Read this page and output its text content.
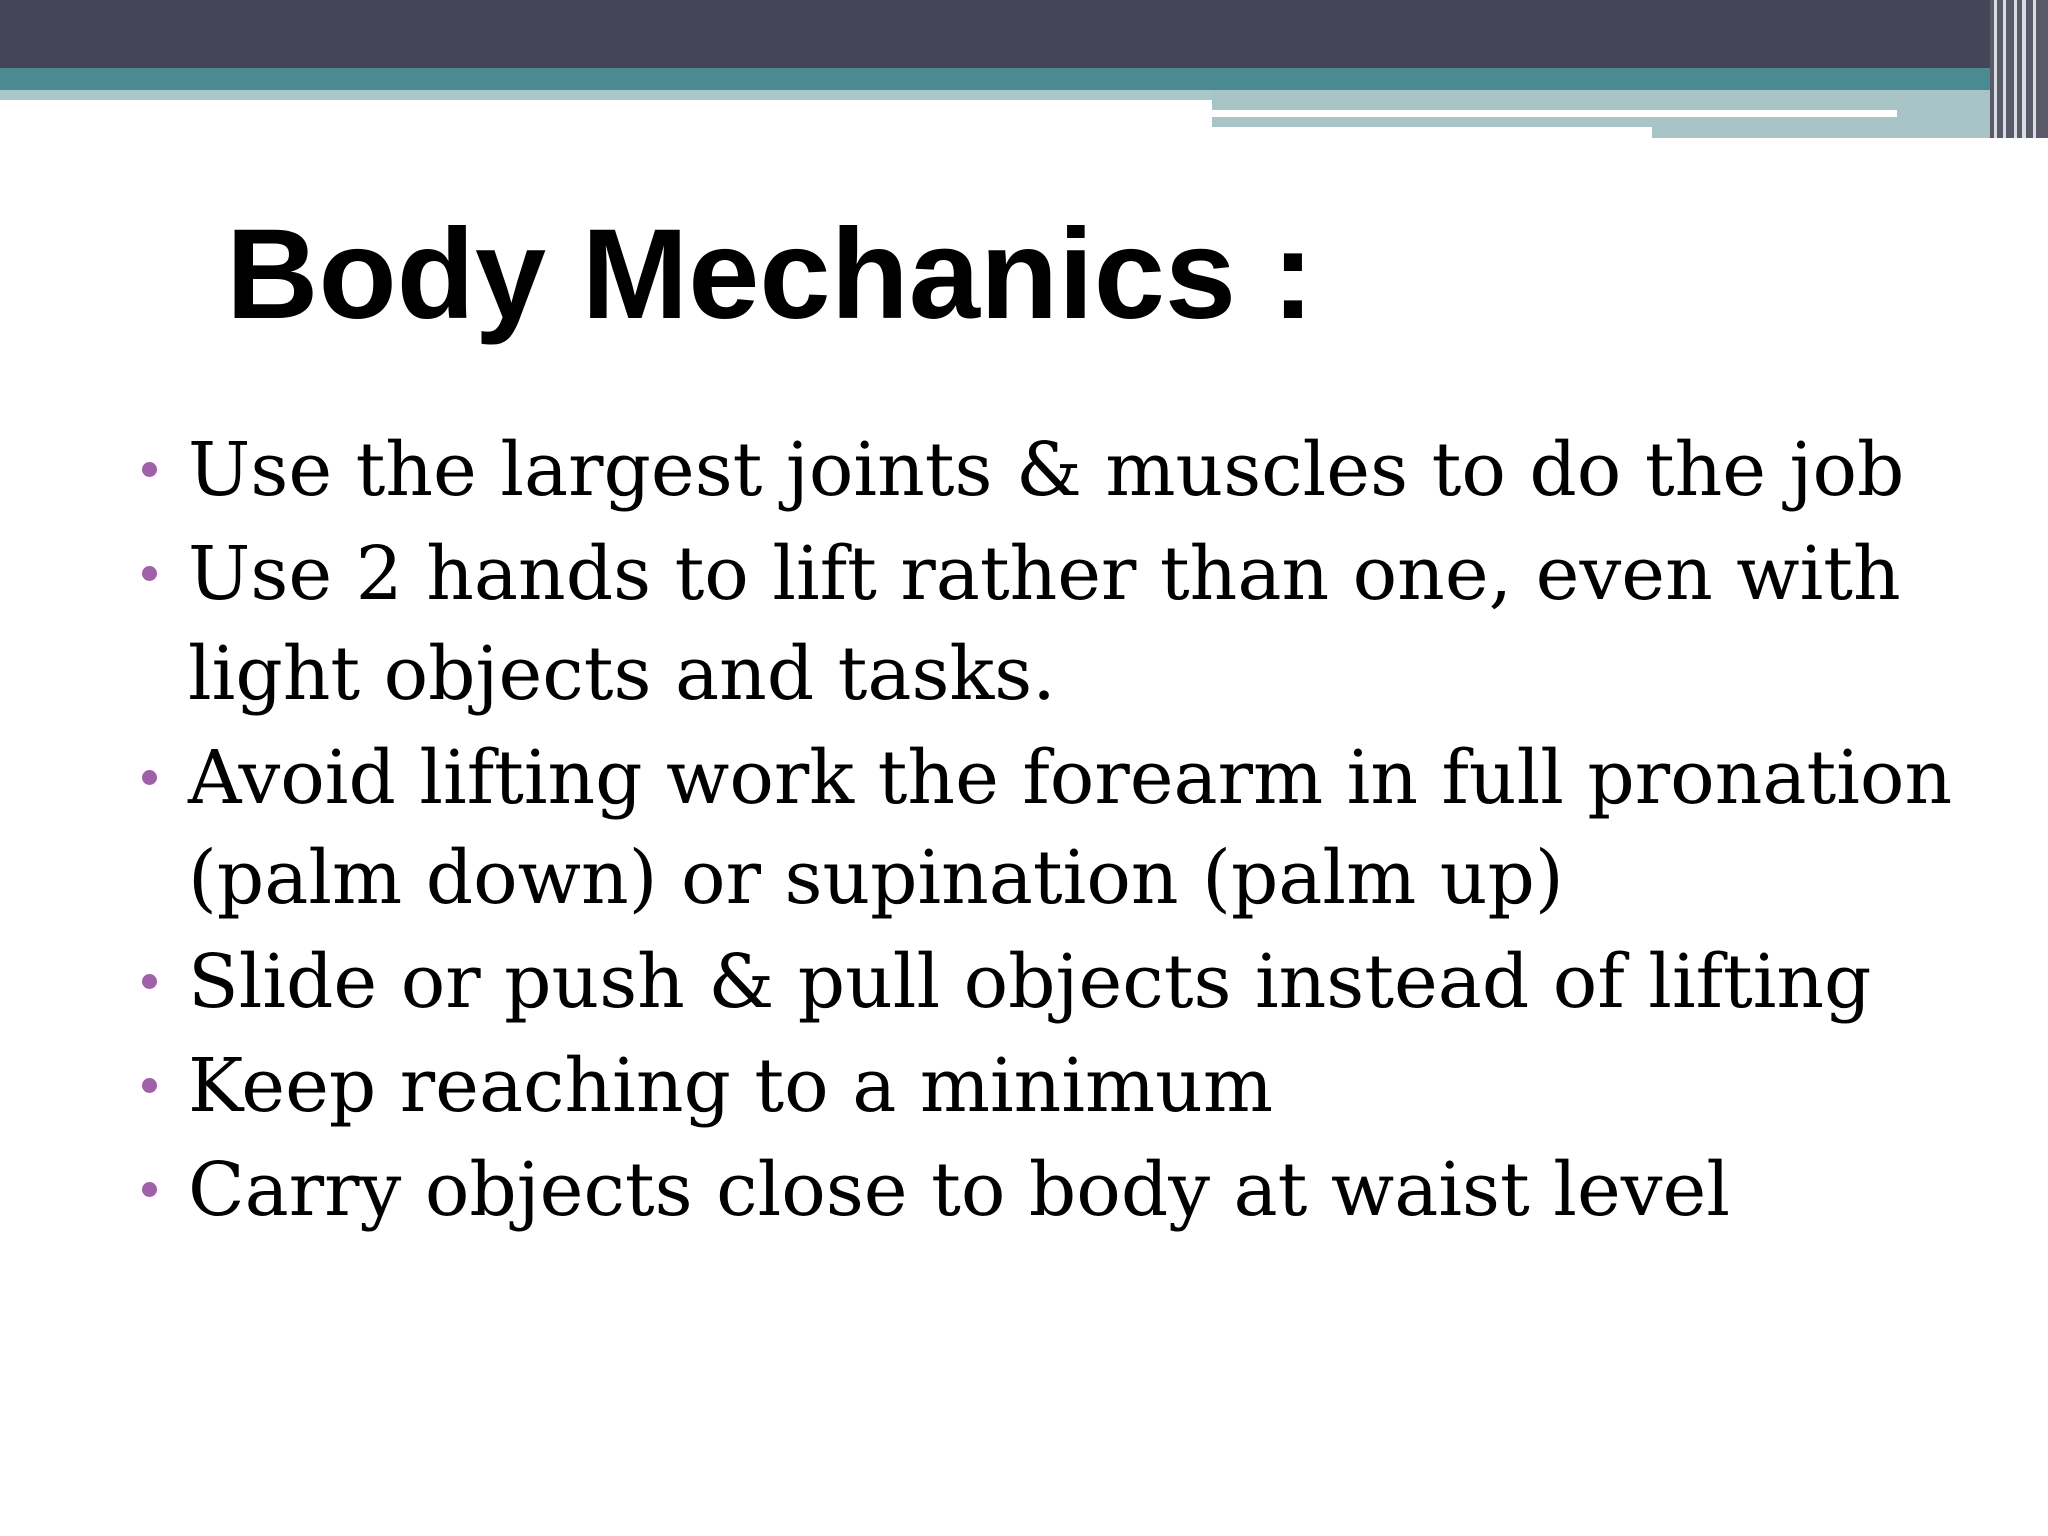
Body Mechanics :
Use the largest joints & muscles to do the job
Use 2 hands to lift rather than one, even with
light objects and tasks.
Avoid lifting work the forearm in full pronation
(palm down) or supination (palm up)
Slide or push & pull objects instead of lifting
Keep reaching to a minimum
Carry objects close to body at waist level
